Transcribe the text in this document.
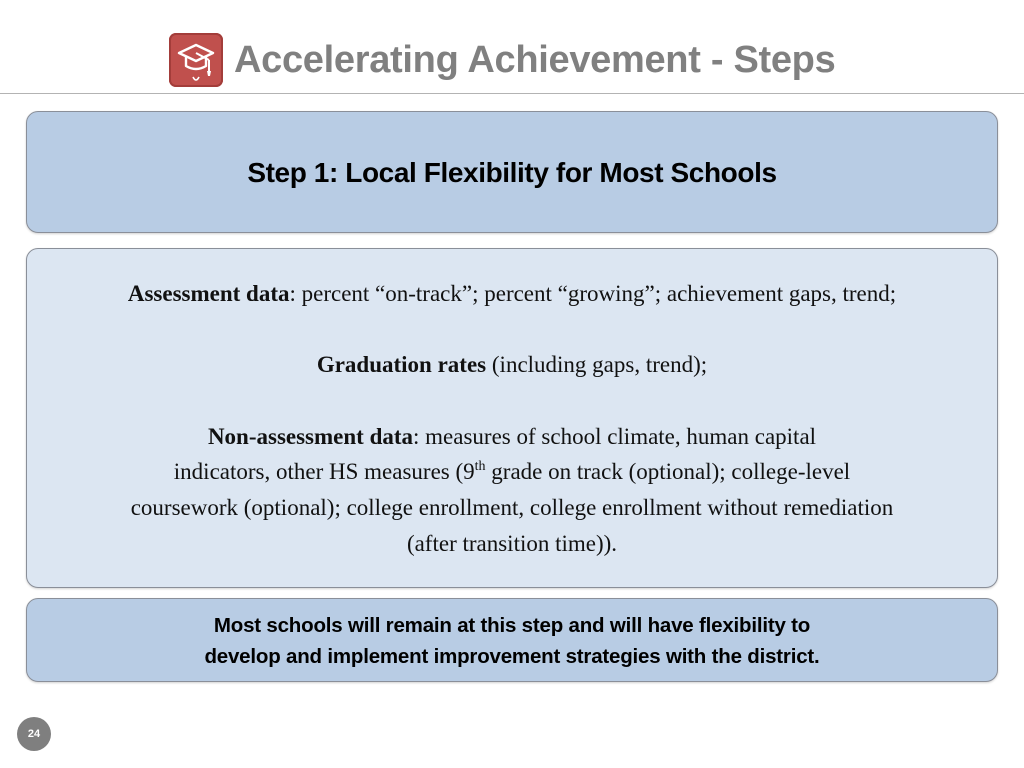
Accelerating Achievement - Steps
Step 1: Local Flexibility for Most Schools
Assessment data: percent “on-track”; percent “growing”; achievement gaps, trend;
Graduation rates (including gaps, trend);
Non-assessment data: measures of school climate, human capital
indicators, other HS measures (9th grade on track (optional); college-level
coursework (optional); college enrollment, college enrollment without remediation
(after transition time)).
Most schools will remain at this step and will have flexibility to
develop and implement improvement strategies with the district.
24
